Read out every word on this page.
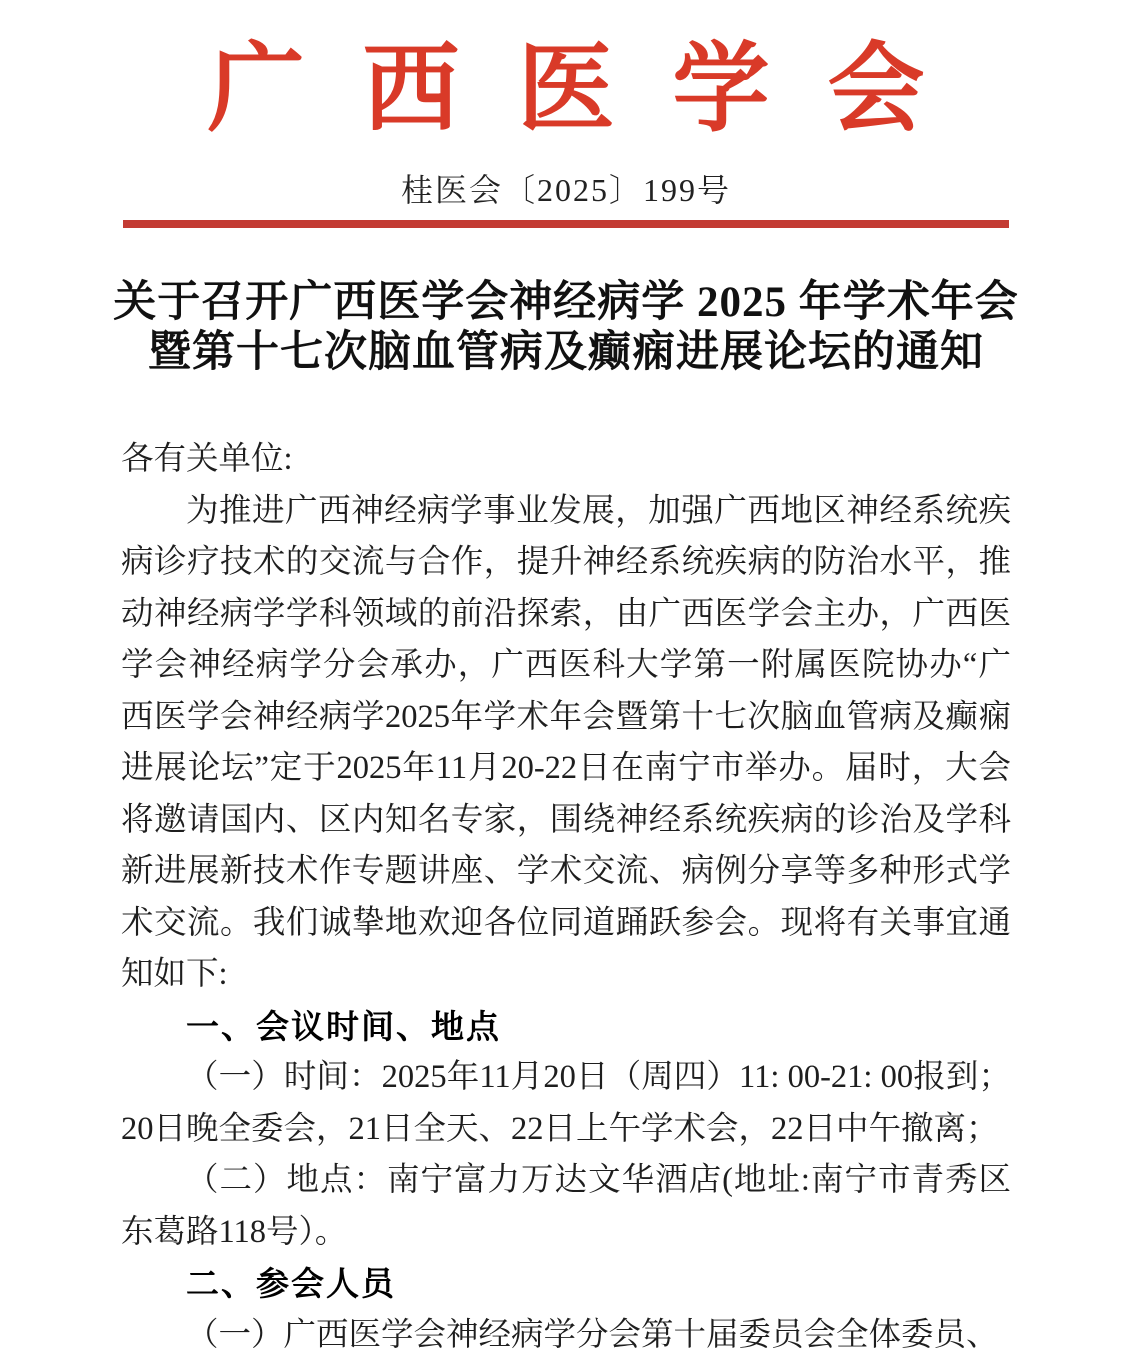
广西医学会
桂医会〔2025〕199号
关于召开广西医学会神经病学 2025 年学术年会
暨第十七次脑血管病及癫痫进展论坛的通知
各有关单位:
为推进广西神经病学事业发展，加强广西地区神经系统疾
病诊疗技术的交流与合作，提升神经系统疾病的防治水平，推
动神经病学学科领域的前沿探索，由广西医学会主办，广西医
学会神经病学分会承办，广西医科大学第一附属医院协办“广
西医学会神经病学2025年学术年会暨第十七次脑血管病及癫痫
进展论坛”定于2025年11月20-22日在南宁市举办。届时，大会
将邀请国内、区内知名专家，围绕神经系统疾病的诊治及学科
新进展新技术作专题讲座、学术交流、病例分享等多种形式学
术交流。我们诚挚地欢迎各位同道踊跃参会。现将有关事宜通
知如下:
一、会议时间、地点
（一）时间：2025年11月20日（周四）11: 00-21: 00报到；
20日晚全委会，21日全天、22日上午学术会，22日中午撤离；
（二）地点：南宁富力万达文华酒店(地址:南宁市青秀区
东葛路118号）。
二、参会人员
（一）广西医学会神经病学分会第十届委员会全体委员、
